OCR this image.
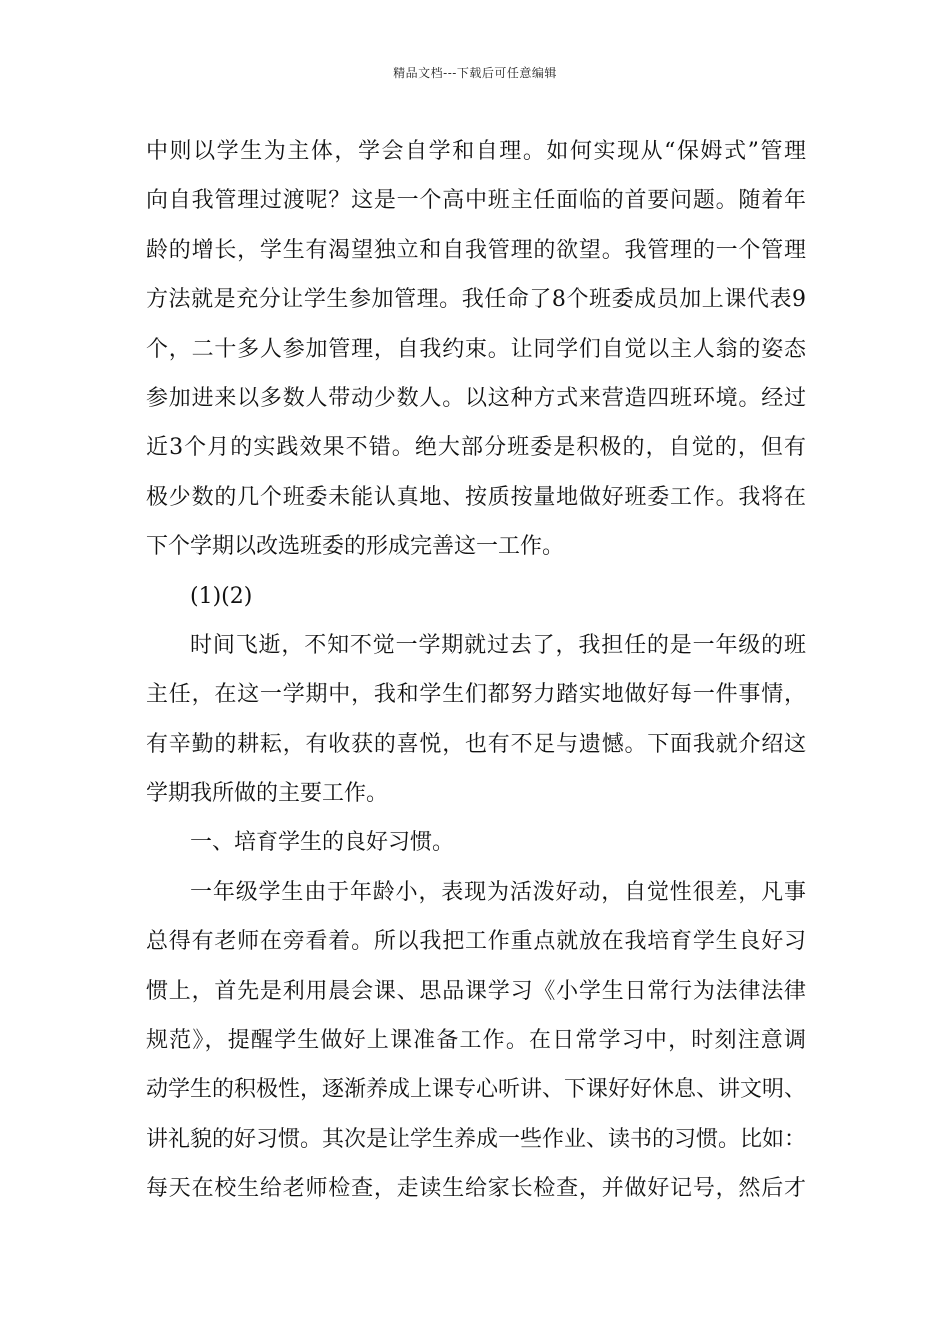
精品文档---下载后可任意编辑
中则以学生为主体，学会自学和自理。如何实现从“保姆式”管理
向自我管理过渡呢？这是一个高中班主任面临的首要问题。随着年
龄的增长，学生有渴望独立和自我管理的欲望。我管理的一个管理
方法就是充分让学生参加管理。我任命了8个班委成员加上课代表9
个，二十多人参加管理，自我约束。让同学们自觉以主人翁的姿态
参加进来以多数人带动少数人。以这种方式来营造四班环境。经过
近3个月的实践效果不错。绝大部分班委是积极的，自觉的，但有
极少数的几个班委未能认真地、按质按量地做好班委工作。我将在
下个学期以改选班委的形成完善这一工作。
(1)(2)
时间飞逝，不知不觉一学期就过去了，我担任的是一年级的班
主任，在这一学期中，我和学生们都努力踏实地做好每一件事情，
有辛勤的耕耘，有收获的喜悦，也有不足与遗憾。下面我就介绍这
学期我所做的主要工作。
一、培育学生的良好习惯。
一年级学生由于年龄小，表现为活泼好动，自觉性很差，凡事
总得有老师在旁看着。所以我把工作重点就放在我培育学生良好习
惯上，首先是利用晨会课、思品课学习《小学生日常行为法律法律
规范》，提醒学生做好上课准备工作。在日常学习中，时刻注意调
动学生的积极性，逐渐养成上课专心听讲、下课好好休息、讲文明、
讲礼貌的好习惯。其次是让学生养成一些作业、读书的习惯。比如：
每天在校生给老师检查，走读生给家长检查，并做好记号，然后才
